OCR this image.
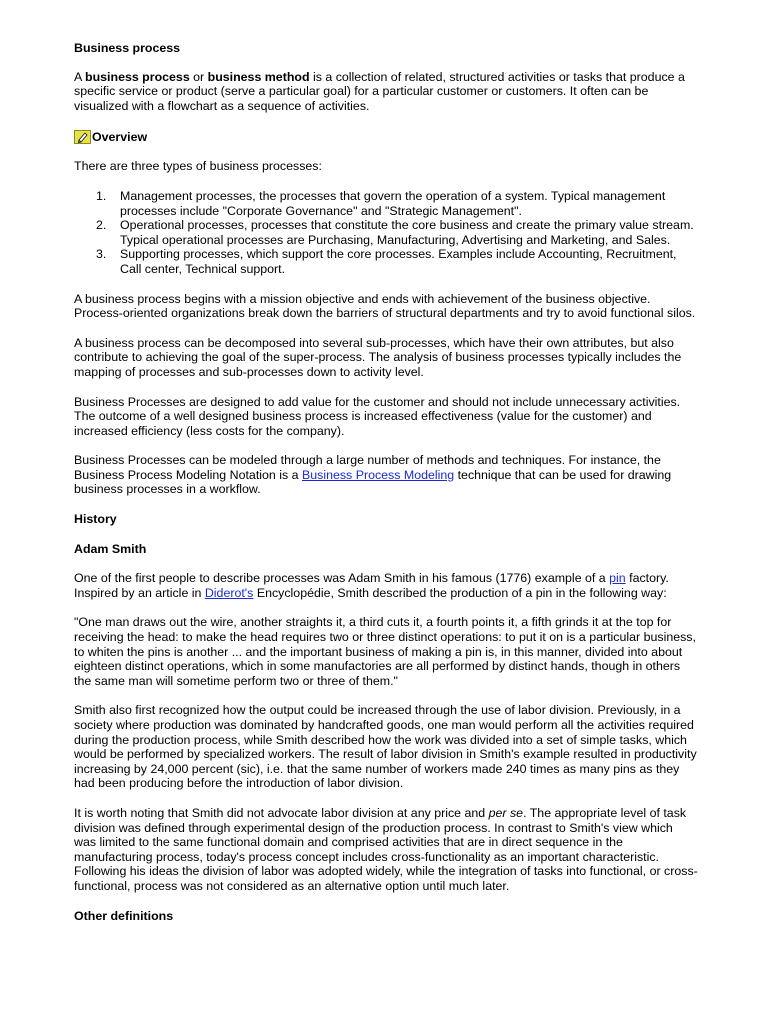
Business process

A business process or business method is a collection of related, structured activities or tasks that produce a specific service or product (serve a particular goal) for a particular customer or customers. It often can be visualized with a flowchart as a sequence of activities.

Overview

There are three types of business processes:

1. Management processes, the processes that govern the operation of a system. Typical management processes include "Corporate Governance" and "Strategic Management".
2. Operational processes, processes that constitute the core business and create the primary value stream. Typical operational processes are Purchasing, Manufacturing, Advertising and Marketing, and Sales.
3. Supporting processes, which support the core processes. Examples include Accounting, Recruitment, Call center, Technical support.

A business process begins with a mission objective and ends with achievement of the business objective. Process-oriented organizations break down the barriers of structural departments and try to avoid functional silos.

A business process can be decomposed into several sub-processes, which have their own attributes, but also contribute to achieving the goal of the super-process. The analysis of business processes typically includes the mapping of processes and sub-processes down to activity level.

Business Processes are designed to add value for the customer and should not include unnecessary activities. The outcome of a well designed business process is increased effectiveness (value for the customer) and increased efficiency (less costs for the company).

Business Processes can be modeled through a large number of methods and techniques. For instance, the Business Process Modeling Notation is a Business Process Modeling technique that can be used for drawing business processes in a workflow.

History

Adam Smith

One of the first people to describe processes was Adam Smith in his famous (1776) example of a pin factory. Inspired by an article in Diderot's Encyclopédie, Smith described the production of a pin in the following way:

"One man draws out the wire, another straights it, a third cuts it, a fourth points it, a fifth grinds it at the top for receiving the head: to make the head requires two or three distinct operations: to put it on is a particular business, to whiten the pins is another ... and the important business of making a pin is, in this manner, divided into about eighteen distinct operations, which in some manufactories are all performed by distinct hands, though in others the same man will sometime perform two or three of them."

Smith also first recognized how the output could be increased through the use of labor division. Previously, in a society where production was dominated by handcrafted goods, one man would perform all the activities required during the production process, while Smith described how the work was divided into a set of simple tasks, which would be performed by specialized workers. The result of labor division in Smith's example resulted in productivity increasing by 24,000 percent (sic), i.e. that the same number of workers made 240 times as many pins as they had been producing before the introduction of labor division.

It is worth noting that Smith did not advocate labor division at any price and per se. The appropriate level of task division was defined through experimental design of the production process. In contrast to Smith's view which was limited to the same functional domain and comprised activities that are in direct sequence in the manufacturing process, today's process concept includes cross-functionality as an important characteristic. Following his ideas the division of labor was adopted widely, while the integration of tasks into functional, or cross-functional, process was not considered as an alternative option until much later.

Other definitions
